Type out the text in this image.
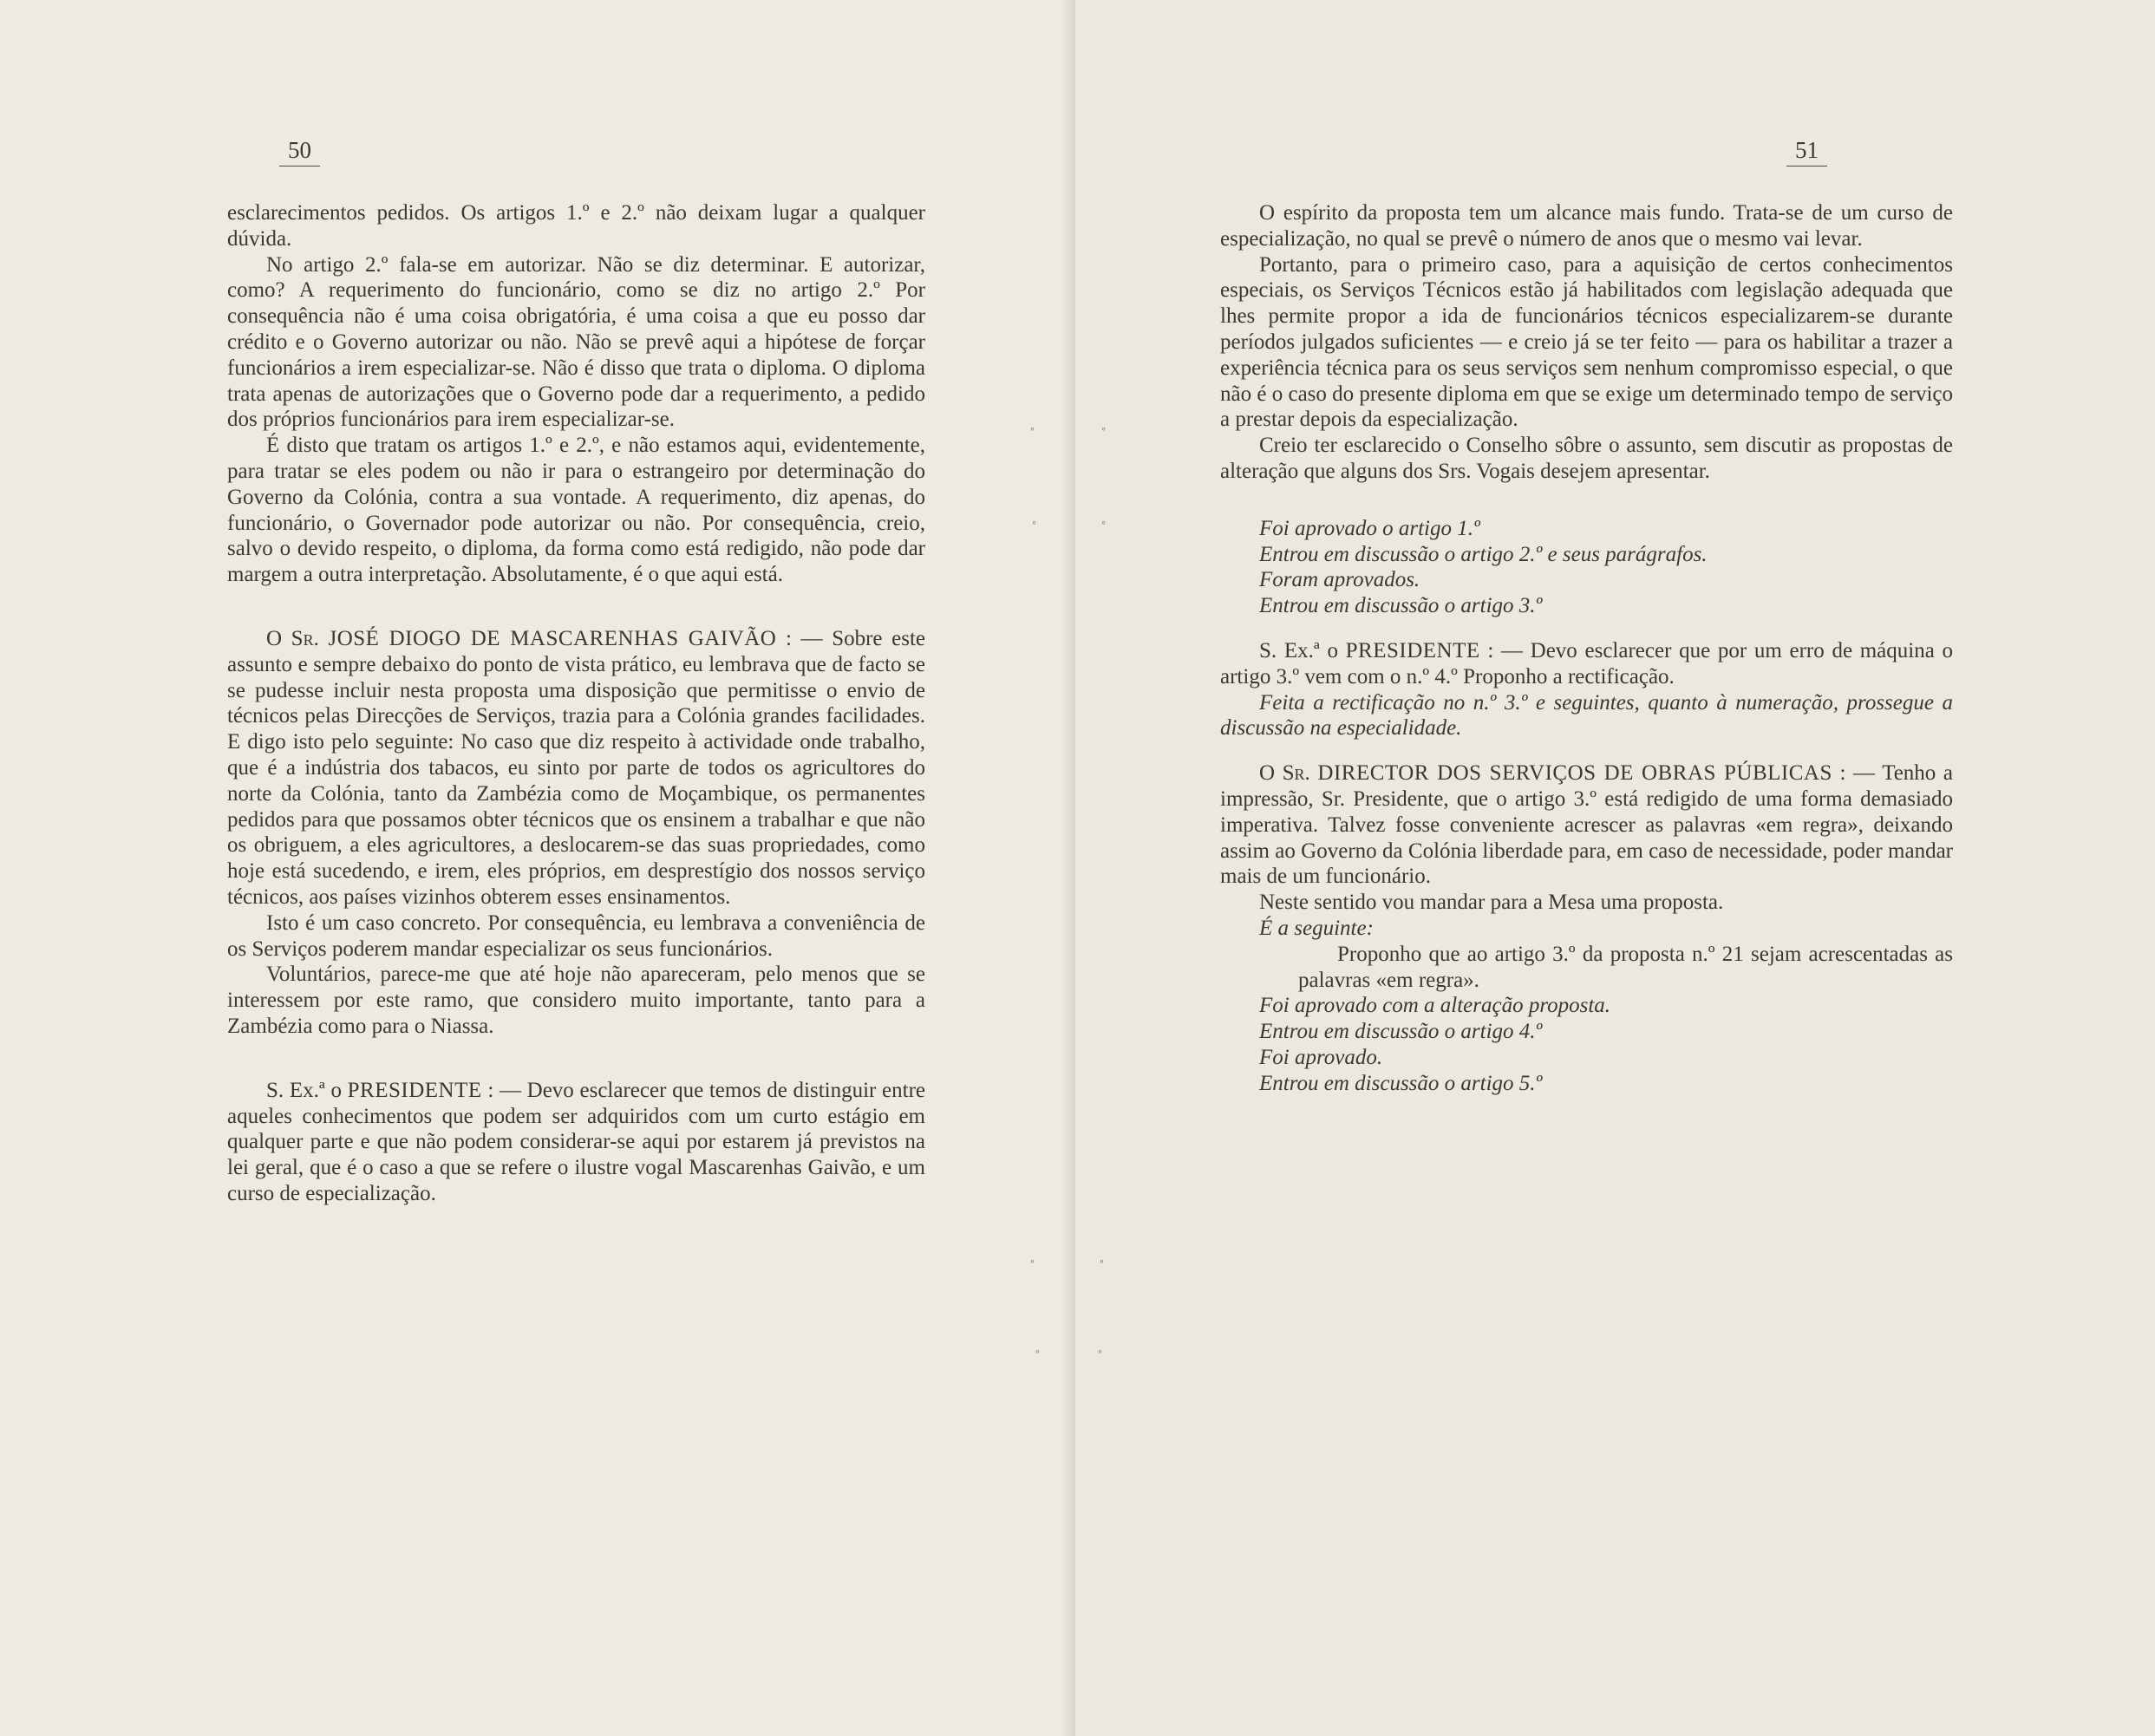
50

esclarecimentos pedidos. Os artigos 1.º e 2.º não deixam lugar a qualquer dúvida.

No artigo 2.º fala-se em autorizar. Não se diz determinar. E autorizar, como? A requerimento do funcionário, como se diz no artigo 2.º Por consequência não é uma coisa obrigatória, é uma coisa a que eu posso dar crédito e o Governo autorizar ou não. Não se prevê aqui a hipótese de forçar funcionários a irem especializar-se. Não é disso que trata o diploma. O diploma trata apenas de autorizações que o Governo pode dar a requerimento, a pedido dos próprios funcionários para irem especializar-se.

É disto que tratam os artigos 1.º e 2.º, e não estamos aqui, evidentemente, para tratar se eles podem ou não ir para o estrangeiro por determinação do Governo da Colónia, contra a sua vontade. A requerimento, diz apenas, do funcionário, o Governador pode autorizar ou não. Por consequência, creio, salvo o devido respeito, o diploma, da forma como está redigido, não pode dar margem a outra interpretação. Absolutamente, é o que aqui está.

O Sr. JOSÉ DIOGO DE MASCARENHAS GAIVÃO : — Sobre este assunto e sempre debaixo do ponto de vista prático, eu lembrava que de facto se se pudesse incluir nesta proposta uma disposição que permitisse o envio de técnicos pelas Direcções de Serviços, trazia para a Colónia grandes facilidades. E digo isto pelo seguinte: No caso que diz respeito à actividade onde trabalho, que é a indústria dos tabacos, eu sinto por parte de todos os agricultores do norte da Colónia, tanto da Zambézia como de Moçambique, os permanentes pedidos para que possamos obter técnicos que os ensinem a trabalhar e que não os obriguem, a eles agricultores, a deslocarem-se das suas propriedades, como hoje está sucedendo, e irem, eles próprios, em desprestígio dos nossos serviço técnicos, aos países vizinhos obterem esses ensinamentos.

Isto é um caso concreto. Por consequência, eu lembrava a conveniência de os Serviços poderem mandar especializar os seus funcionários.

Voluntários, parece-me que até hoje não apareceram, pelo menos que se interessem por este ramo, que considero muito importante, tanto para a Zambézia como para o Niassa.

S. Ex.ª o PRESIDENTE : — Devo esclarecer que temos de distinguir entre aqueles conhecimentos que podem ser adquiridos com um curto estágio em qualquer parte e que não podem considerar-se aqui por estarem já previstos na lei geral, que é o caso a que se refere o ilustre vogal Mascarenhas Gaivão, e um curso de especialização.

51

O espírito da proposta tem um alcance mais fundo. Trata-se de um curso de especialização, no qual se prevê o número de anos que o mesmo vai levar.

Portanto, para o primeiro caso, para a aquisição de certos conhecimentos especiais, os Serviços Técnicos estão já habilitados com legislação adequada que lhes permite propor a ida de funcionários técnicos especializarem-se durante períodos julgados suficientes — e creio já se ter feito — para os habilitar a trazer a experiência técnica para os seus serviços sem nenhum compromisso especial, o que não é o caso do presente diploma em que se exige um determinado tempo de serviço a prestar depois da especialização.

Creio ter esclarecido o Conselho sôbre o assunto, sem discutir as propostas de alteração que alguns dos Srs. Vogais desejem apresentar.

Foi aprovado o artigo 1.º

Entrou em discussão o artigo 2.º e seus parágrafos.

Foram aprovados.

Entrou em discussão o artigo 3.º

S. Ex.ª o PRESIDENTE : — Devo esclarecer que por um erro de máquina o artigo 3.º vem com o n.º 4.º Proponho a rectificação.

Feita a rectificação no n.º 3.º e seguintes, quanto à numeração, prossegue a discussão na especialidade.

O Sr. DIRECTOR DOS SERVIÇOS DE OBRAS PÚBLICAS : — Tenho a impressão, Sr. Presidente, que o artigo 3.º está redigido de uma forma demasiado imperativa. Talvez fosse conveniente acrescer as palavras «em regra», deixando assim ao Governo da Colónia liberdade para, em caso de necessidade, poder mandar mais de um funcionário.

Neste sentido vou mandar para a Mesa uma proposta.

É a seguinte:

Proponho que ao artigo 3.º da proposta n.º 21 sejam acrescentadas as palavras «em regra».

Foi aprovado com a alteração proposta.

Entrou em discussão o artigo 4.º

Foi aprovado.

Entrou em discussão o artigo 5.º

◦	◦
◦	◦
◦	◦
◦	◦
